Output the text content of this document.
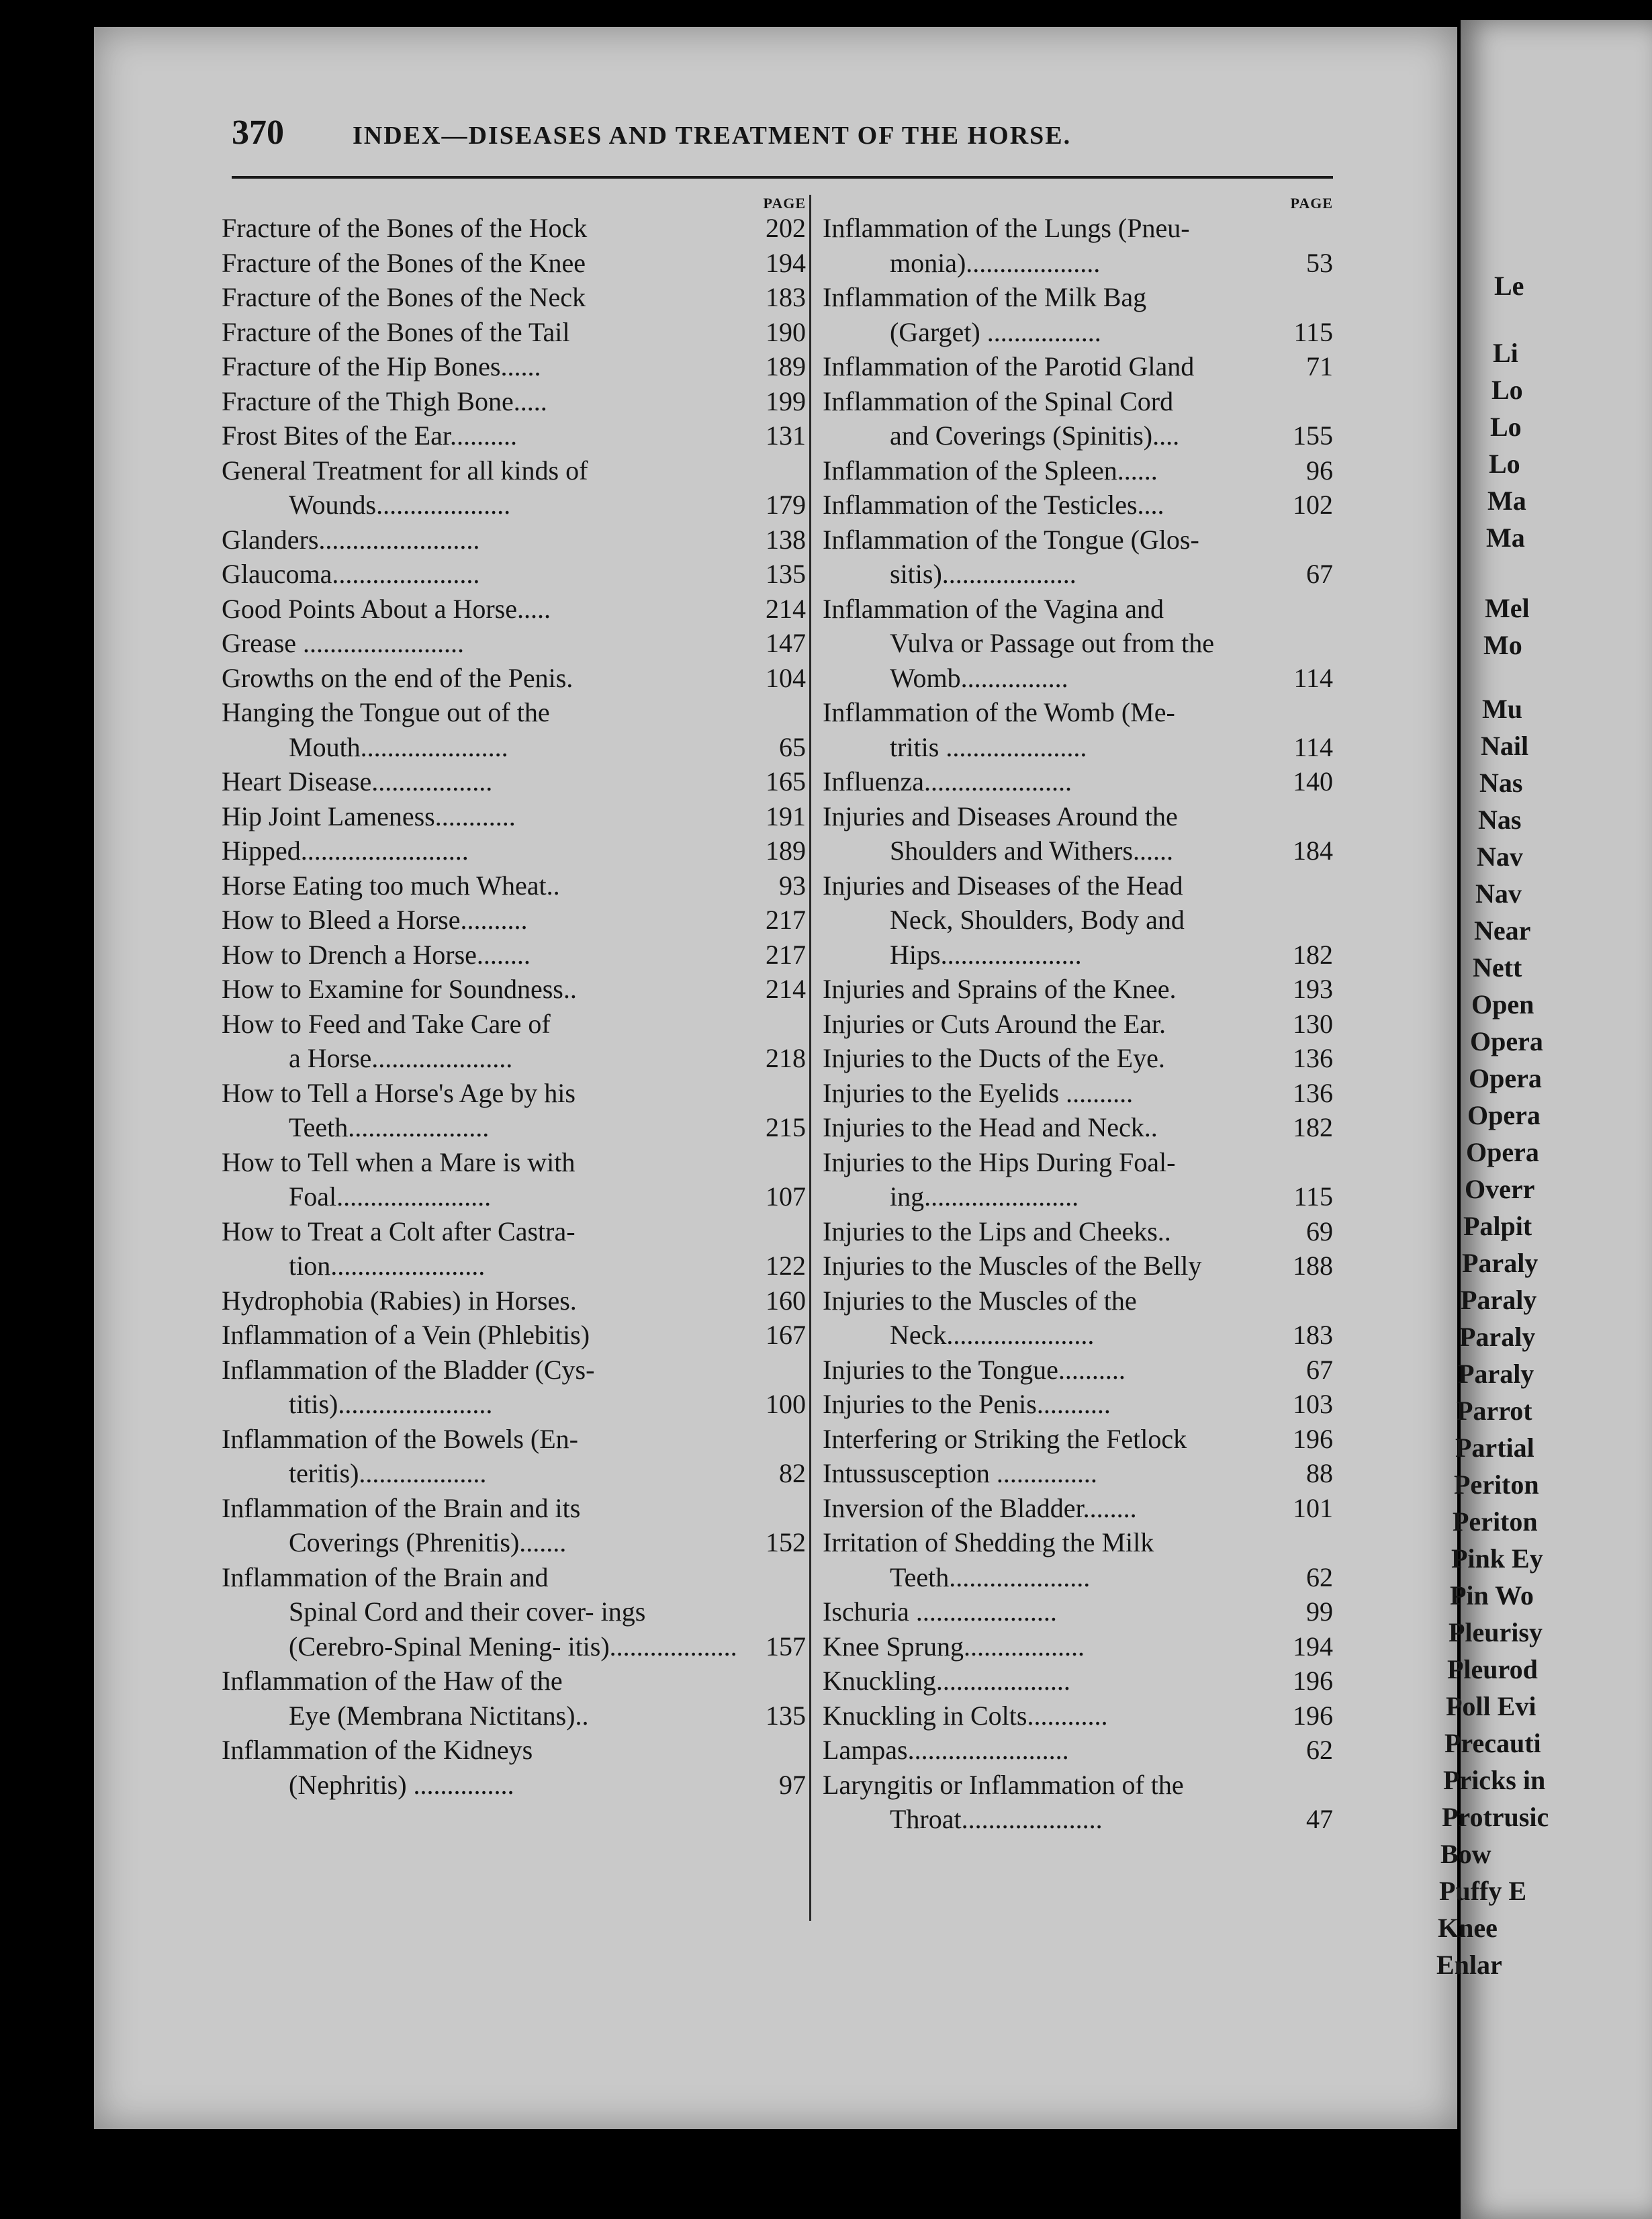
370	INDEX—DISEASES AND TREATMENT OF THE HORSE.
PAGE
Fracture of the Bones of the Hock	202
Fracture of the Bones of the Knee	194
Fracture of the Bones of the Neck	183
Fracture of the Bones of the Tail	190
Fracture of the Hip Bones......	189
Fracture of the Thigh Bone.....	199
Frost Bites of the Ear..........	131
General Treatment for all kinds of
Wounds....................	179
Glanders........................	138
Glaucoma......................	135
Good Points About a Horse.....	214
Grease ........................	147
Growths on the end of the Penis.	104
Hanging the Tongue out of the
Mouth......................	65
Heart Disease..................	165
Hip Joint Lameness............	191
Hipped.........................	189
Horse Eating too much Wheat..	93
How to Bleed a Horse..........	217
How to Drench a Horse........	217
How to Examine for Soundness..	214
How to Feed and Take Care of
a Horse.....................	218
How to Tell a Horse's Age by his
Teeth.....................	215
How to Tell when a Mare is with
Foal.......................	107
How to Treat a Colt after Castra-
tion.......................	122
Hydrophobia (Rabies) in Horses.	160
Inflammation of a Vein (Phlebitis)	167
Inflammation of the Bladder (Cys-
titis).......................	100
Inflammation of the Bowels (En-
teritis)...................	82
Inflammation of the Brain and its
Coverings (Phrenitis).......	152
Inflammation of the Brain and
Spinal Cord and their cover- ings (Cerebro-Spinal Mening- itis)...................	157
Inflammation of the Haw of the
Eye (Membrana Nictitans)..	135
Inflammation of the Kidneys
(Nephritis) ...............	97
PAGE
Inflammation of the Lungs (Pneu-
monia)....................	53
Inflammation of the Milk Bag
(Garget) .................	115
Inflammation of the Parotid Gland	71
Inflammation of the Spinal Cord
and Coverings (Spinitis)....	155
Inflammation of the Spleen......	96
Inflammation of the Testicles....	102
Inflammation of the Tongue (Glos-
sitis)....................	67
Inflammation of the Vagina and
Vulva or Passage out from the Womb................	114
Inflammation of the Womb (Me-
tritis .....................	114
Influenza......................	140
Injuries and Diseases Around the
Shoulders and Withers......	184
Injuries and Diseases of the Head
Neck, Shoulders, Body and Hips.....................	182
Injuries and Sprains of the Knee.	193
Injuries or Cuts Around the Ear.	130
Injuries to the Ducts of the Eye.	136
Injuries to the Eyelids ..........	136
Injuries to the Head and Neck..	182
Injuries to the Hips During Foal-
ing.......................	115
Injuries to the Lips and Cheeks..	69
Injuries to the Muscles of the Belly	188
Injuries to the Muscles of the
Neck......................	183
Injuries to the Tongue..........	67
Injuries to the Penis...........	103
Interfering or Striking the Fetlock	196
Intussusception ...............	88
Inversion of the Bladder........	101
Irritation of Shedding the Milk
Teeth.....................	62
Ischuria .....................	99
Knee Sprung..................	194
Knuckling....................	196
Knuckling in Colts............	196
Lampas........................	62
Laryngitis or Inflammation of the
Throat.....................	47
Le
Li
Lo
Lo
Lo
Ma
Ma
Mel
Mo
Mu
Nail
Nas
Nas
Nav
Nav
Near
Nett
Open
Opera
Opera
Opera
Opera
Overr
Palpit
Paraly
Paraly
Paraly
Paraly
Parrot
Partial
Periton
Periton
Pink Ey
Pin Wo
Pleurisy
Pleurod
Poll Evi
Precauti
Pricks in
Protrusic
Bow
Puffy E
Knee
Enlar
